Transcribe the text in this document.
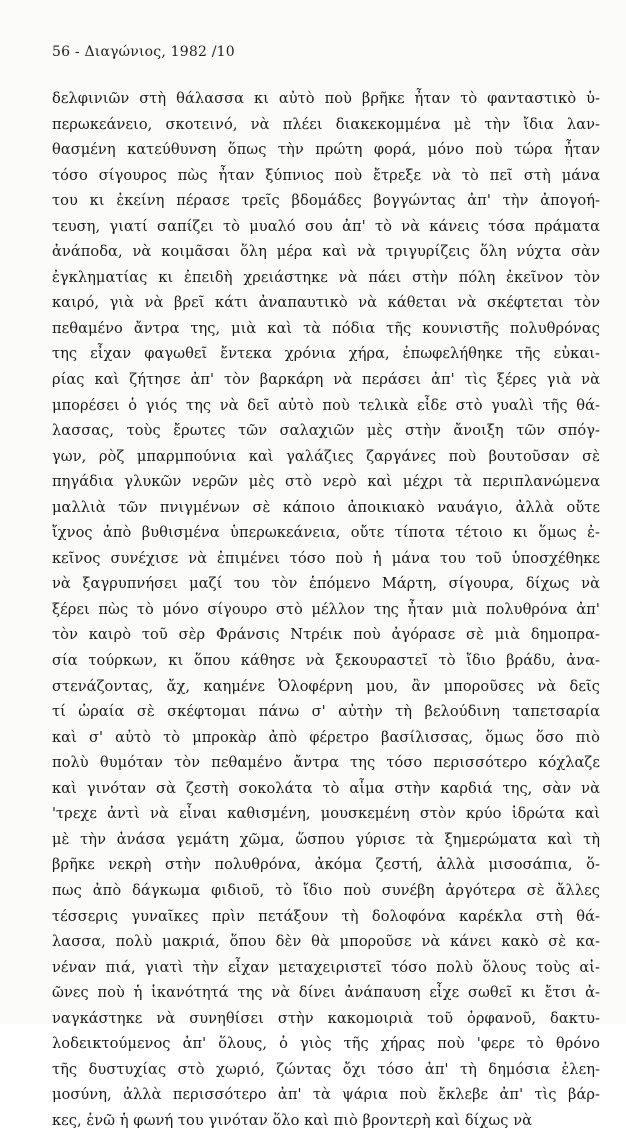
56 - Διαγώνιος, 1982 /10
δελφινιῶν στὴ θάλασσα κι αὐτὸ ποὺ βρῆκε ἦταν τὸ φανταστικὸ ὑ-
περωκεάνειο, σκοτεινό, νὰ πλέει διακεκομμένα μὲ τὴν ἴδια λαν-
θασμένη κατεύθυνση ὅπως τὴν πρώτη φορά, μόνο ποὺ τώρα ἦταν
τόσο σίγουρος πὼς ἦταν ξύπνιος ποὺ ἔτρεξε νὰ τὸ πεῖ στὴ μάνα
του κι ἐκείνη πέρασε τρεῖς βδομάδες βογγώντας ἀπ' τὴν ἀπογοή-
τευση, γιατί σαπίζει τὸ μυαλό σου ἀπ' τὸ νὰ κάνεις τόσα πράματα
ἀνάποδα, νὰ κοιμᾶσαι ὅλη μέρα καὶ νὰ τριγυρίζεις ὅλη νύχτα σὰν
ἐγκληματίας κι ἐπειδὴ χρειάστηκε νὰ πάει στὴν πόλη ἐκεῖνον τὸν
καιρό, γιὰ νὰ βρεῖ κάτι ἀναπαυτικὸ νὰ κάθεται νὰ σκέφτεται τὸν
πεθαμένο ἄντρα της, μιὰ καὶ τὰ πόδια τῆς κουνιστῆς πολυθρόνας
της εἶχαν φαγωθεῖ ἔντεκα χρόνια χήρα, ἐπωφελήθηκε τῆς εὐκαι-
ρίας καὶ ζήτησε ἀπ' τὸν βαρκάρη νὰ περάσει ἀπ' τὶς ξέρες γιὰ νὰ
μπορέσει ὁ γιός της νὰ δεῖ αὐτὸ ποὺ τελικὰ εἶδε στὸ γυαλὶ τῆς θά-
λασσας, τοὺς ἔρωτες τῶν σαλαχιῶν μὲς στὴν ἄνοιξη τῶν σπόγ-
γων, ρὸζ μπαρμπούνια καὶ γαλάζιες ζαργάνες ποὺ βουτοῦσαν σὲ
πηγάδια γλυκῶν νερῶν μὲς στὸ νερὸ καὶ μέχρι τὰ περιπλανώμενα
μαλλιὰ τῶν πνιγμένων σὲ κάποιο ἀποικιακὸ ναυάγιο, ἀλλὰ οὔτε
ἴχνος ἀπὸ βυθισμένα ὑπερωκεάνεια, οὔτε τίποτα τέτοιο κι ὅμως ἐ-
κεῖνος συνέχισε νὰ ἐπιμένει τόσο ποὺ ἡ μάνα του τοῦ ὑποσχέθηκε
νὰ ξαγρυπνήσει μαζί του τὸν ἑπόμενο Μάρτη, σίγουρα, δίχως νὰ
ξέρει πὼς τὸ μόνο σίγουρο στὸ μέλλον της ἦταν μιὰ πολυθρόνα ἀπ'
τὸν καιρὸ τοῦ σὲρ Φράνσις Ντρέικ ποὺ ἀγόρασε σὲ μιὰ δημοπρα-
σία τούρκων, κι ὅπου κάθησε νὰ ξεκουραστεῖ τὸ ἴδιο βράδυ, ἀνα-
στενάζοντας, ἄχ, καημένε Ὀλοφέρνη μου, ἂν μποροῦσες νὰ δεῖς
τί ὡραία σὲ σκέφτομαι πάνω σ' αὐτὴν τὴ βελούδινη ταπετσαρία
καὶ σ' αὐτὸ τὸ μπροκὰρ ἀπὸ φέρετρο βασίλισσας, ὅμως ὅσο πιὸ
πολὺ θυμόταν τὸν πεθαμένο ἄντρα της τόσο περισσότερο κόχλαζε
καὶ γινόταν σὰ ζεστὴ σοκολάτα τὸ αἷμα στὴν καρδιά της, σὰν νὰ
'τρεχε ἀντὶ νὰ εἶναι καθισμένη, μουσκεμένη στὸν κρύο ἱδρώτα καὶ
μὲ τὴν ἀνάσα γεμάτη χῶμα, ὥσπου γύρισε τὰ ξημερώματα καὶ τὴ
βρῆκε νεκρὴ στὴν πολυθρόνα, ἀκόμα ζεστή, ἀλλὰ μισοσάπια, ὅ-
πως ἀπὸ δάγκωμα φιδιοῦ, τὸ ἴδιο ποὺ συνέβη ἀργότερα σὲ ἄλλες
τέσσερις γυναῖκες πρὶν πετάξουν τὴ δολοφόνα καρέκλα στὴ θά-
λασσα, πολὺ μακριά, ὅπου δὲν θὰ μποροῦσε νὰ κάνει κακὸ σὲ κα-
νέναν πιά, γιατὶ τὴν εἶχαν μεταχειριστεῖ τόσο πολὺ ὅλους τοὺς αἰ-
ῶνες ποὺ ἡ ἱκανότητά της νὰ δίνει ἀνάπαυση εἶχε σωθεῖ κι ἔτσι ἀ-
ναγκάστηκε νὰ συνηθίσει στὴν κακομοιριὰ τοῦ ὀρφανοῦ, δακτυ-
λοδεικτούμενος ἀπ' ὅλους, ὁ γιὸς τῆς χήρας ποὺ 'φερε τὸ θρόνο
τῆς δυστυχίας στὸ χωριό, ζώντας ὄχι τόσο ἀπ' τὴ δημόσια ἐλεη-
μοσύνη, ἀλλὰ περισσότερο ἀπ' τὰ ψάρια ποὺ ἔκλεβε ἀπ' τὶς βάρ-
κες, ἐνῶ ἡ φωνή του γινόταν ὅλο καὶ πιὸ βροντερὴ καὶ δίχως νὰ
